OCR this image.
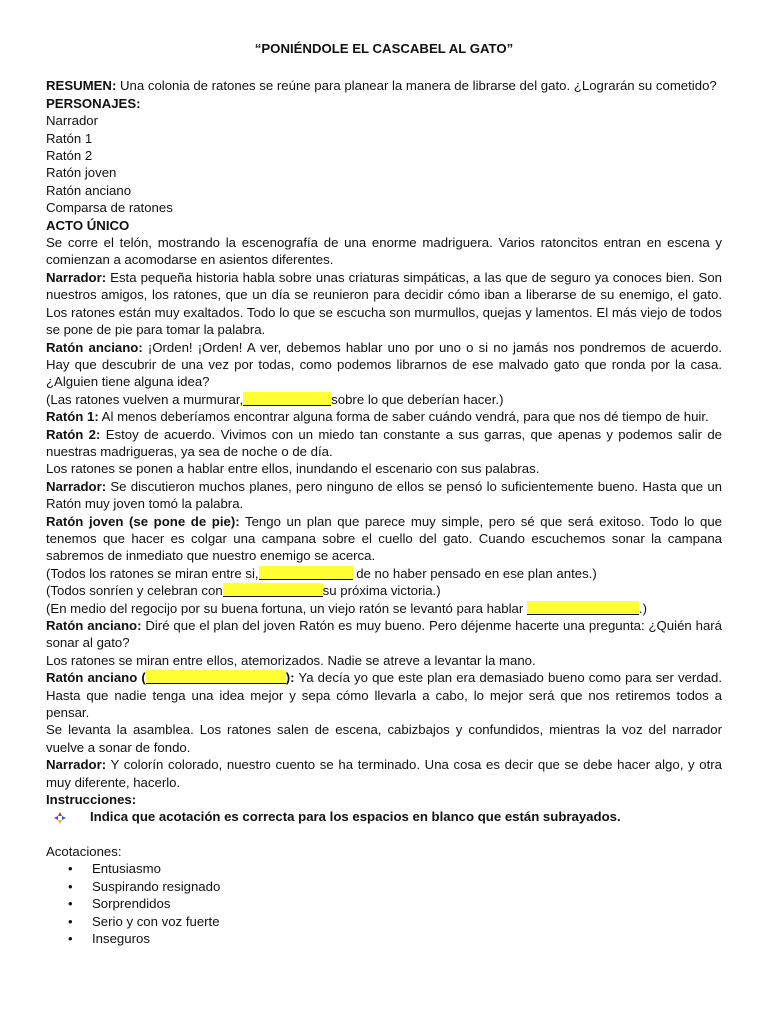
“PONIÉNDOLE EL CASCABEL AL GATO”

RESUMEN: Una colonia de ratones se reúne para planear la manera de librarse del gato. ¿Lograrán su cometido?

PERSONAJES:
Narrador
Ratón 1
Ratón 2
Ratón joven
Ratón anciano
Comparsa de ratones
ACTO ÚNICO

Se corre el telón, mostrando la escenografía de una enorme madriguera. Varios ratoncitos entran en escena y comienzan a acomodarse en asientos diferentes.

Narrador: Esta pequeña historia habla sobre unas criaturas simpáticas, a las que de seguro ya conoces bien. Son nuestros amigos, los ratones, que un día se reunieron para decidir cómo iban a liberarse de su enemigo, el gato. Los ratones están muy exaltados. Todo lo que se escucha son murmullos, quejas y lamentos. El más viejo de todos se pone de pie para tomar la palabra.

Ratón anciano: ¡Orden! ¡Orden! A ver, debemos hablar uno por uno o si no jamás nos pondremos de acuerdo. Hay que descubrir de una vez por todas, como podemos librarnos de ese malvado gato que ronda por la casa. ¿Alguien tiene alguna idea?

(Las ratones vuelven a murmurar,	sobre lo que deberían hacer.)

Ratón 1: Al menos deberíamos encontrar alguna forma de saber cuándo vendrá, para que nos dé tiempo de huir.

Ratón 2: Estoy de acuerdo. Vivimos con un miedo tan constante a sus garras, que apenas y podemos salir de nuestras madrigueras, ya sea de noche o de día.

Los ratones se ponen a hablar entre ellos, inundando el escenario con sus palabras.

Narrador: Se discutieron muchos planes, pero ninguno de ellos se pensó lo suficientemente bueno. Hasta que un Ratón muy joven tomó la palabra.

Ratón joven (se pone de pie): Tengo un plan que parece muy simple, pero sé que será exitoso. Todo lo que tenemos que hacer es colgar una campana sobre el cuello del gato. Cuando escuchemos sonar la campana sabremos de inmediato que nuestro enemigo se acerca.

(Todos los ratones se miran entre si,	de no haber pensado en ese plan antes.)

(Todos sonríen y celebran con	su próxima victoria.)

(En medio del regocijo por su buena fortuna, un viejo ratón se levantó para hablar	.)

Ratón anciano: Diré que el plan del joven Ratón es muy bueno. Pero déjenme hacerte una pregunta: ¿Quién hará sonar al gato?

Los ratones se miran entre ellos, atemorizados. Nadie se atreve a levantar la mano.

Ratón anciano (	): Ya decía yo que este plan era demasiado bueno como para ser verdad. Hasta que nadie tenga una idea mejor y sepa cómo llevarla a cabo, lo mejor será que nos retiremos todos a pensar.

Se levanta la asamblea. Los ratones salen de escena, cabizbajos y confundidos, mientras la voz del narrador vuelve a sonar de fondo.

Narrador: Y colorín colorado, nuestro cuento se ha terminado. Una cosa es decir que se debe hacer algo, y otra muy diferente, hacerlo.

Instrucciones:
Indica que acotación es correcta para los espacios en blanco que están subrayados.
Acotaciones:
•	Entusiasmo
•	Suspirando resignado
•	Sorprendidos
•	Serio y con voz fuerte
•	Inseguros
